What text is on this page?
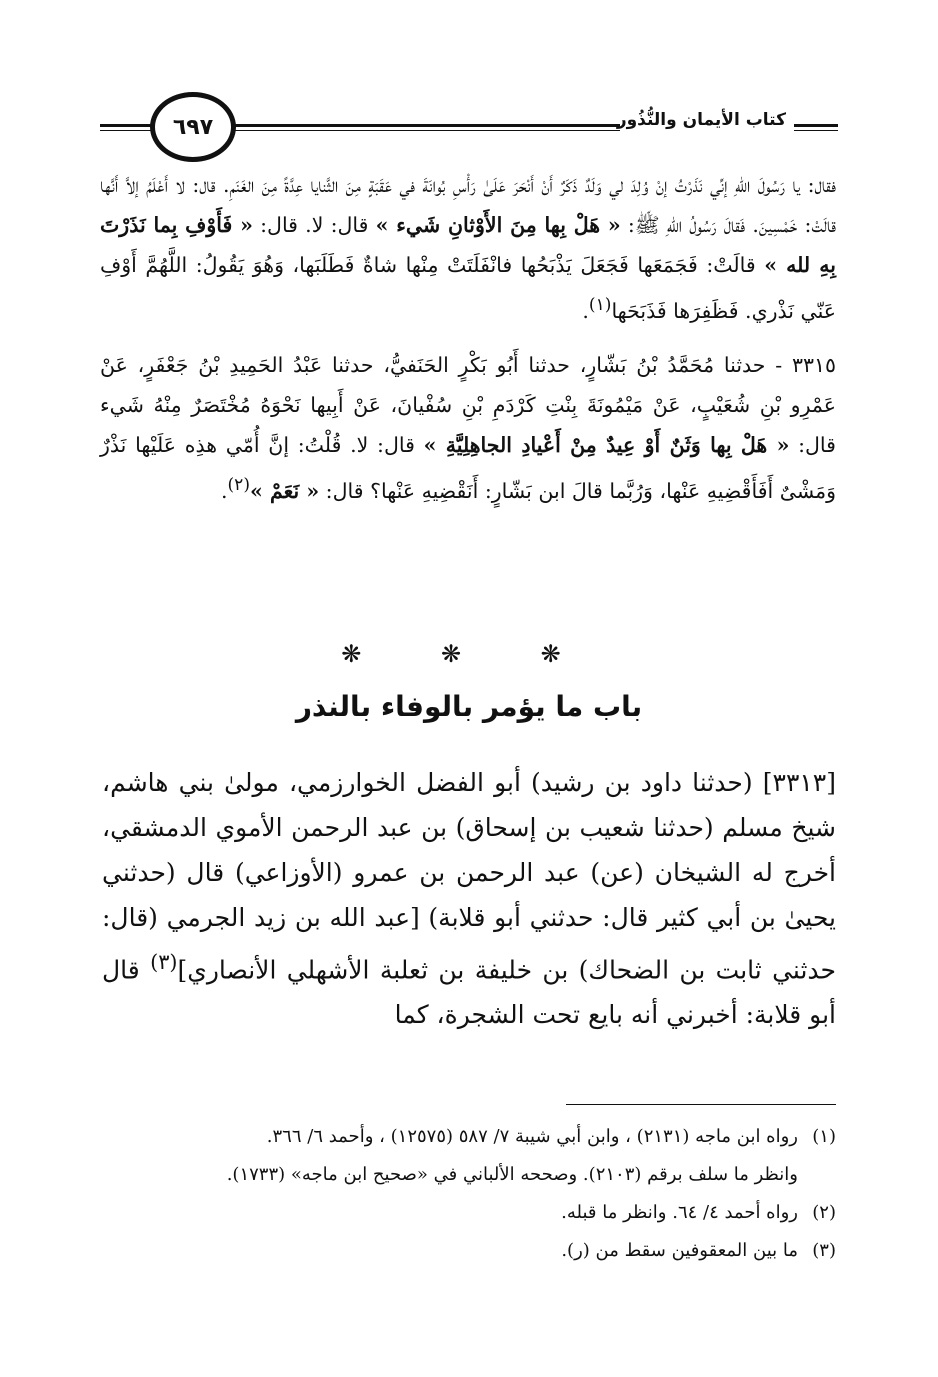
كتاب الأيمان والنُّذُور
٦٩٧

فقال: يا رَسُولَ اللهِ إنِّي نَذَرْتُ إنْ وُلِدَ لي وَلَدٌ ذَكَرٌ أَنْ أَنْحَرَ عَلَىٰ رَأْسِ بُوانَةَ في عَقَبَةٍ مِنَ الثَّنايا عِدَّةً مِنَ الغَنَمِ. قال: لا أَعْلَمُ إلاَّ أَنَّها قالَتْ: خَمْسِينَ. فَقالَ رَسُولُ اللهِ ﷺ: « هَلْ بِها مِنَ الأَوْثانِ شَيء » قال: لا. قال: « فَأَوْفِ بِما نَذَرْتَ بِهِ لله » قالَتْ: فَجَمَعَها فَجَعَلَ يَذْبَحُها فانْفَلَتَتْ مِنْها شاةٌ فَطَلَبَها، وَهُوَ يَقُولُ: اللَّهُمَّ أَوْفِ عَنّي نَذْري. فَظَفِرَها فَذَبَحَها$^{(١)}$.

٣٣١٥ - حدثنا مُحَمَّدُ بْنُ بَشّارٍ، حدثنا أَبُو بَكْرٍ الحَنَفيُّ، حدثنا عَبْدُ الحَمِيدِ بْنُ جَعْفَرٍ، عَنْ عَمْرِو بْنِ شُعَيْبٍ، عَنْ مَيْمُونَةَ بِنْتِ كَرْدَمِ بْنِ سُفْيانَ، عَنْ أَبِيها نَحْوَهُ مُخْتَصَرٌ مِنْهُ شَيء قال: « هَلْ بِها وَثَنٌ أَوْ عِيدٌ مِنْ أَعْيادِ الجاهِلِيَّةِ » قال: لا. قُلْتُ: إنَّ أُمّي هذِه عَلَيْها نَذْرٌ وَمَشْىٌ أَفَأَقْضِيهِ عَنْها، وَرُبَّما قالَ ابن بَشّارٍ: أَنَقْضِيهِ عَنْها؟ قال: « نَعَمْ »$^{(٢)}$.

❋ ❋ ❋
باب ما يؤمر بالوفاء بالنذر

[٣٣١٣] (حدثنا داود بن رشيد) أبو الفضل الخوارزمي، مولىٰ بني هاشم، شيخ مسلم (حدثنا شعيب بن إسحاق) بن عبد الرحمن الأموي الدمشقي، أخرج له الشيخان (عن) عبد الرحمن بن عمرو (الأوزاعي) قال (حدثني يحيىٰ بن أبي كثير قال: حدثني أبو قلابة) [عبد الله بن زيد الجرمي (قال: حدثني ثابت بن الضحاك) بن خليفة بن ثعلبة الأشهلي الأنصاري]$^{(٣)}$ قال أبو قلابة: أخبرني أنه بايع تحت الشجرة، كما

(١)
رواه ابن ماجه (٢١٣١) ، وابن أبي شيبة ٧/ ٥٨٧ (١٢٥٧٥) ، وأحمد ٦/ ٣٦٦.
وانظر ما سلف برقم (٢١٠٣). وصححه الألباني في «صحيح ابن ماجه» (١٧٣٣).
(٢)
رواه أحمد ٤/ ٦٤. وانظر ما قبله.
(٣)
ما بين المعقوفين سقط من (ر).
